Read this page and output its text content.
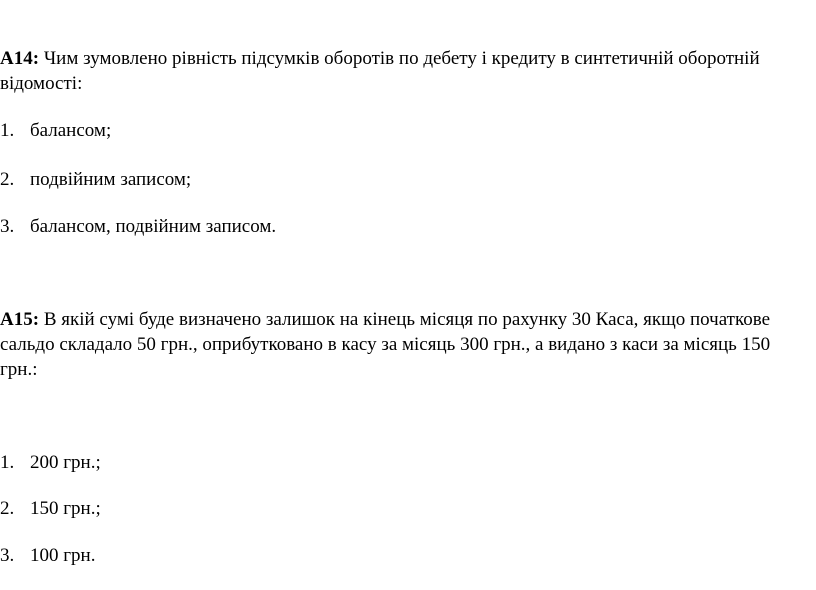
A14: Чим зумовлено рівність підсумків оборотів по дебету і кредиту в синтетичній оборотній відомості:
1. балансом;
2. подвійним записом;
3. балансом, подвійним записом.
A15: В якій сумі буде визначено залишок на кінець місяця по рахунку 30 Каса, якщо початкове сальдо складало 50 грн., оприбутковано в касу за місяць 300 грн., а видано з каси за місяць 150 грн.:
1. 200 грн.;
2. 150 грн.;
3. 100 грн.
